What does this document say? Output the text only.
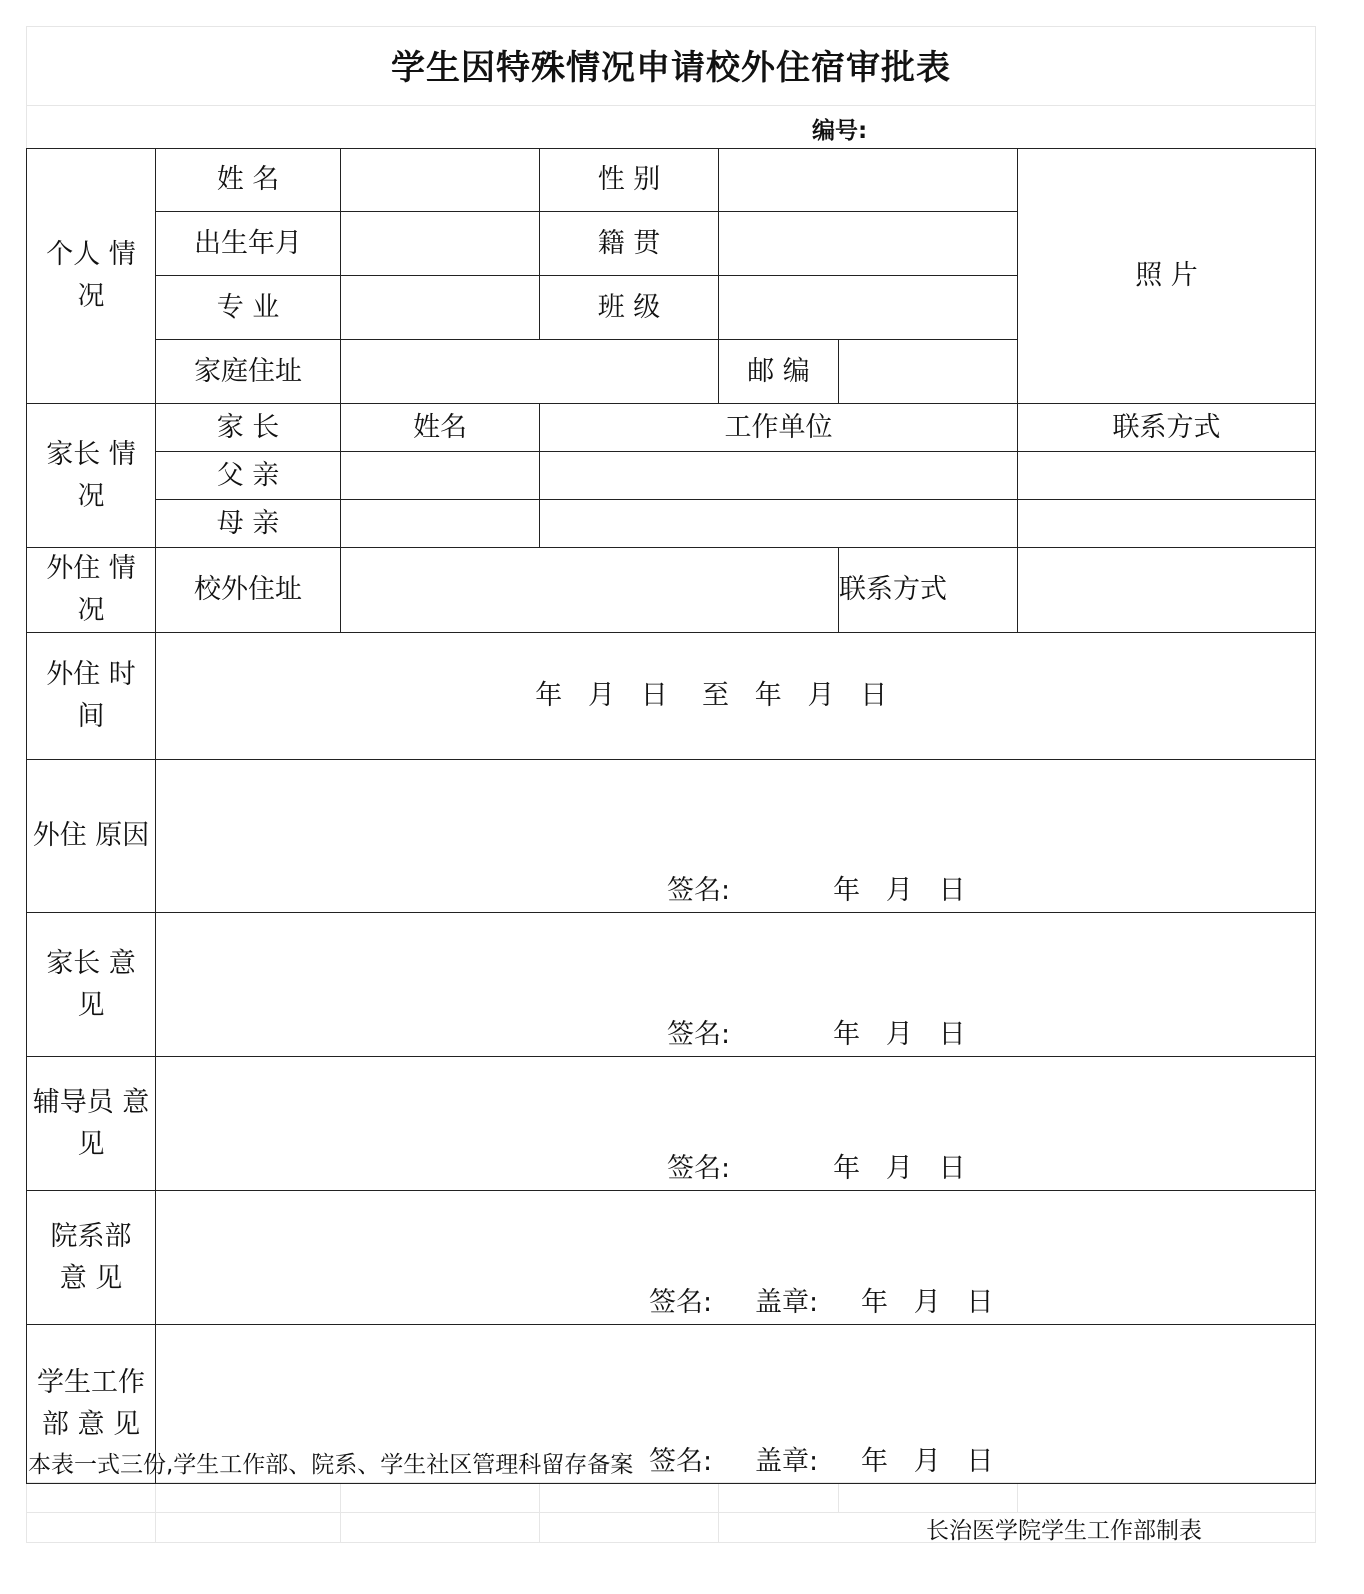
学生因特殊情况申请校外住宿审批表
编号:
个人 情 况	姓 名		性 别			照 片
	出生年月		籍 贯			
	专 业		班 级			
	家庭住址			邮 编		
家长 情 况	家 长	姓名	工作单位			联系方式
	父 亲					
	母 亲					
外住 情 况	校外住址				联系方式	
外住 时 间	年   月   日    至   年   月   日					

外住 原因	签名:            年   月   日					

家长 意 见	签名:            年   月   日					

辅导员 意 见	签名:            年   月   日					

院系部 意 见	签名:     盖章:     年   月   日					

学生工作 部 意 见	签名:     盖章:     年   月   日					
本表一式三份,学生工作部、院系、学生社区管理科留存备案
长治医学院学生工作部制表
